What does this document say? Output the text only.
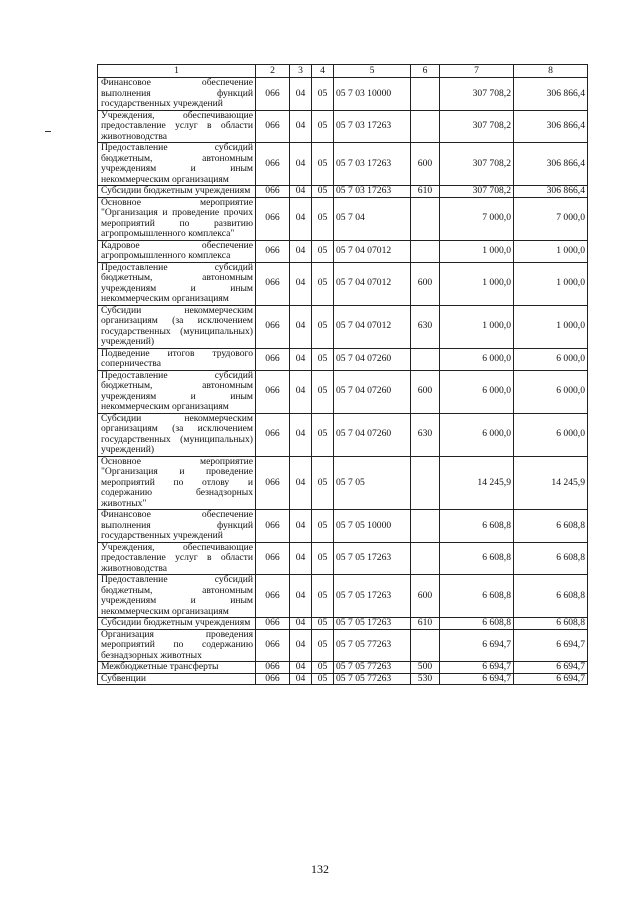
1	2	3	4	5	6	7	8
Финансовое обеспечение выполнения функций государственных учреждений	066	04	05	05 7 03 10000		307 708,2	306 866,4
Учреждения, обеспечивающие предоставление услуг в области животноводства	066	04	05	05 7 03 17263		307 708,2	306 866,4
Предоставление субсидий бюджетным, автономным учреждениям и иным некоммерческим организациям	066	04	05	05 7 03 17263	600	307 708,2	306 866,4
Субсидии бюджетным учреждениям	066	04	05	05 7 03 17263	610	307 708,2	306 866,4
Основное мероприятие "Организация и проведение прочих мероприятий по развитию агропромышленного комплекса"	066	04	05	05 7 04		7 000,0	7 000,0
Кадровое обеспечение агропромышленного комплекса	066	04	05	05 7 04 07012		1 000,0	1 000,0
Предоставление субсидий бюджетным, автономным учреждениям и иным некоммерческим организациям	066	04	05	05 7 04 07012	600	1 000,0	1 000,0
Субсидии некоммерческим организациям (за исключением государственных (муниципальных) учреждений)	066	04	05	05 7 04 07012	630	1 000,0	1 000,0
Подведение итогов трудового соперничества	066	04	05	05 7 04 07260		6 000,0	6 000,0
Предоставление субсидий бюджетным, автономным учреждениям и иным некоммерческим организациям	066	04	05	05 7 04 07260	600	6 000,0	6 000,0
Субсидии некоммерческим организациям (за исключением государственных (муниципальных) учреждений)	066	04	05	05 7 04 07260	630	6 000,0	6 000,0
Основное мероприятие "Организация и проведение мероприятий по отлову и содержанию безнадзорных животных"	066	04	05	05 7 05		14 245,9	14 245,9
Финансовое обеспечение выполнения функций государственных учреждений	066	04	05	05 7 05 10000		6 608,8	6 608,8
Учреждения, обеспечивающие предоставление услуг в области животноводства	066	04	05	05 7 05 17263		6 608,8	6 608,8
Предоставление субсидий бюджетным, автономным учреждениям и иным некоммерческим организациям	066	04	05	05 7 05 17263	600	6 608,8	6 608,8
Субсидии бюджетным учреждениям	066	04	05	05 7 05 17263	610	6 608,8	6 608,8
Организация проведения мероприятий по содержанию безнадзорных животных	066	04	05	05 7 05 77263		6 694,7	6 694,7
Межбюджетные трансферты	066	04	05	05 7 05 77263	500	6 694,7	6 694,7
Субвенции	066	04	05	05 7 05 77263	530	6 694,7	6 694,7
132
